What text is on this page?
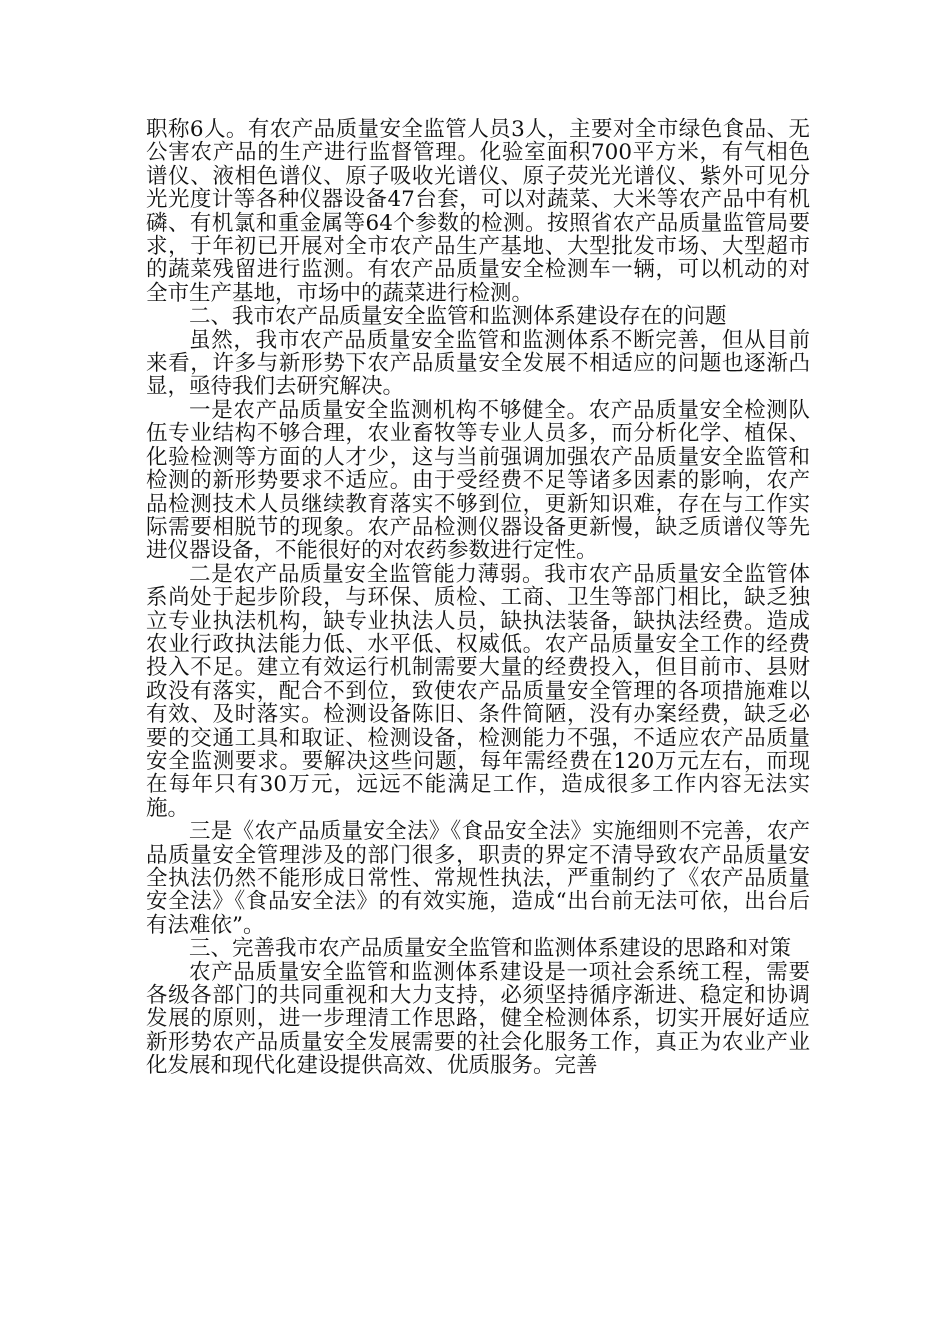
职称6人。有农产品质量安全监管人员3人，主要对全市绿色食品、无公害农产品的生产进行监督管理。化验室面积700平方米，有气相色谱仪、液相色谱仪、原子吸收光谱仪、原子荧光光谱仪、紫外可见分光光度计等各种仪器设备47台套，可以对蔬菜、大米等农产品中有机磷、有机氯和重金属等64个参数的检测。按照省农产品质量监管局要求，于年初已开展对全市农产品生产基地、大型批发市场、大型超市的蔬菜残留进行监测。有农产品质量安全检测车一辆，可以机动的对全市生产基地，市场中的蔬菜进行检测。

二、我市农产品质量安全监管和监测体系建设存在的问题

虽然，我市农产品质量安全监管和监测体系不断完善，但从目前来看，许多与新形势下农产品质量安全发展不相适应的问题也逐渐凸显，亟待我们去研究解决。

一是农产品质量安全监测机构不够健全。农产品质量安全检测队伍专业结构不够合理，农业畜牧等专业人员多，而分析化学、植保、化验检测等方面的人才少，这与当前强调加强农产品质量安全监管和检测的新形势要求不适应。由于受经费不足等诸多因素的影响，农产品检测技术人员继续教育落实不够到位，更新知识难，存在与工作实际需要相脱节的现象。农产品检测仪器设备更新慢，缺乏质谱仪等先进仪器设备，不能很好的对农药参数进行定性。

二是农产品质量安全监管能力薄弱。我市农产品质量安全监管体系尚处于起步阶段，与环保、质检、工商、卫生等部门相比，缺乏独立专业执法机构，缺专业执法人员，缺执法装备，缺执法经费。造成农业行政执法能力低、水平低、权威低。农产品质量安全工作的经费投入不足。建立有效运行机制需要大量的经费投入，但目前市、县财政没有落实，配合不到位，致使农产品质量安全管理的各项措施难以有效、及时落实。检测设备陈旧、条件简陋，没有办案经费，缺乏必要的交通工具和取证、检测设备，检测能力不强，不适应农产品质量安全监测要求。要解决这些问题，每年需经费在120万元左右，而现在每年只有30万元，远远不能满足工作，造成很多工作内容无法实施。

三是《农产品质量安全法》《食品安全法》实施细则不完善，农产品质量安全管理涉及的部门很多，职责的界定不清导致农产品质量安全执法仍然不能形成日常性、常规性执法，严重制约了《农产品质量安全法》《食品安全法》的有效实施，造成“出台前无法可依，出台后有法难依”。

三、完善我市农产品质量安全监管和监测体系建设的思路和对策

农产品质量安全监管和监测体系建设是一项社会系统工程，需要各级各部门的共同重视和大力支持，必须坚持循序渐进、稳定和协调发展的原则，进一步理清工作思路，健全检测体系，切实开展好适应新形势农产品质量安全发展需要的社会化服务工作，真正为农业产业化发展和现代化建设提供高效、优质服务。完善
